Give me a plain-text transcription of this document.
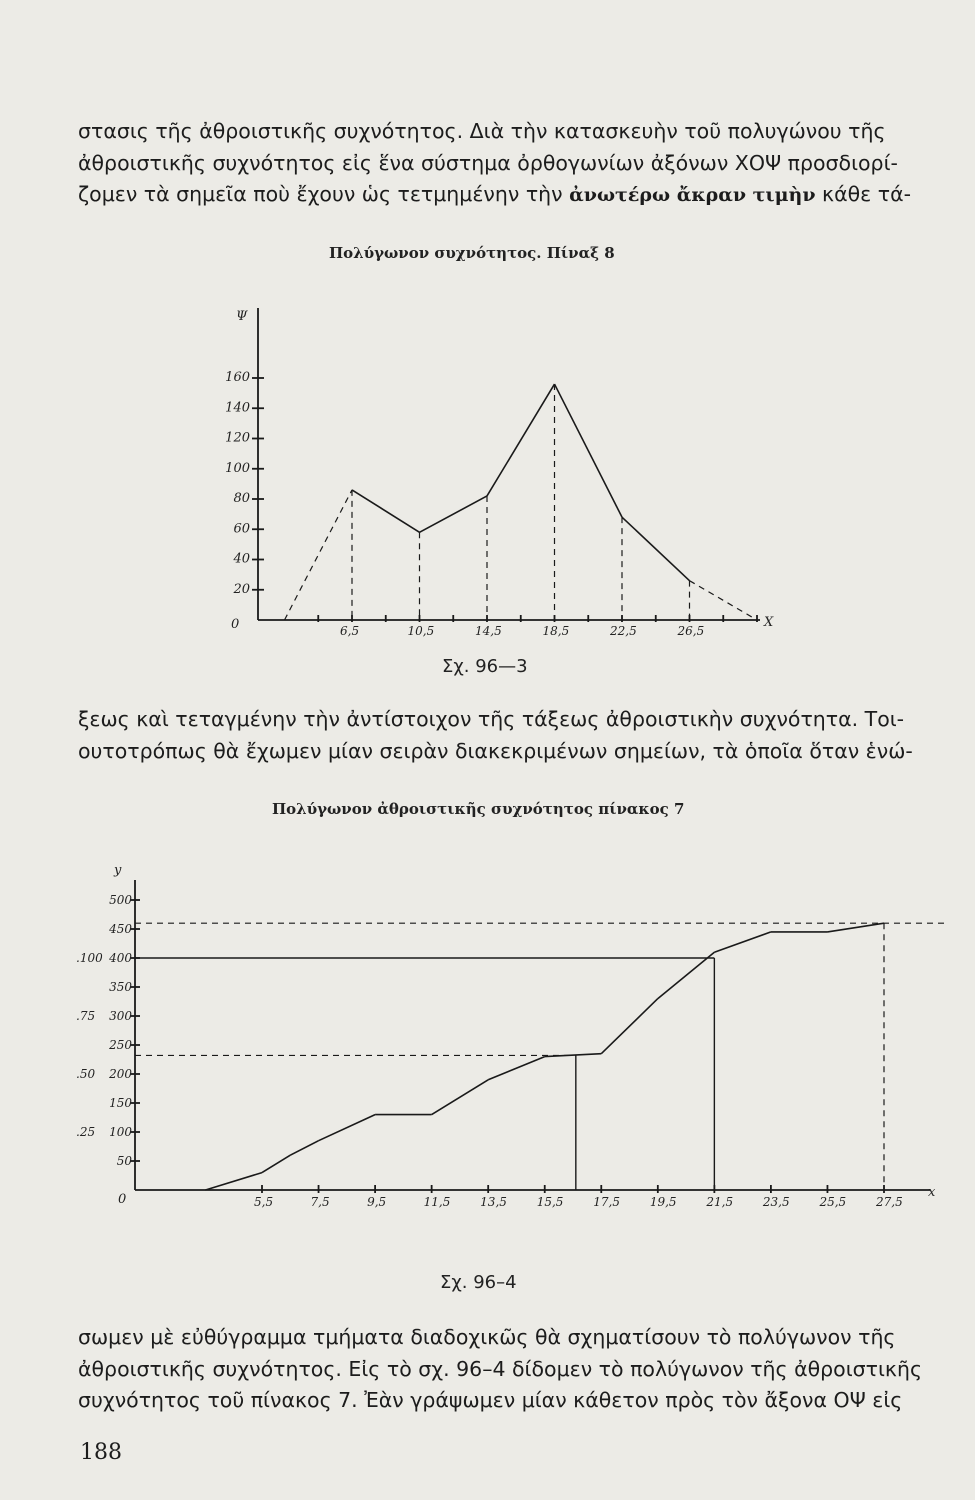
στασις τῆς ἀθροιστικῆς συχνότητος. Διὰ τὴν κατασκευὴν τοῦ πολυγώνου τῆς
ἀθροιστικῆς συχνότητος εἰς ἕνα σύστημα ὀρθογωνίων ἀξόνων ΧΟΨ προσδιορί-
ζομεν τὰ σημεῖα ποὺ ἔχουν ὡς τετμημένην τὴν ἀνωτέρω ἄκραν τιμὴν κάθε τά-
Πολύγωνον συχνότητος. Πίναξ 8
Ψ
Χ
0
20
40
60
80
100
120
140
160
6,5	10,5	14,5	18,5	22,5	26,5
Σχ. 96—3
ξεως καὶ τεταγμένην τὴν ἀντίστοιχον τῆς τάξεως ἀθροιστικὴν συχνότητα. Τοι-
ουτοτρόπως θὰ ἔχωμεν μίαν σειρὰν διακεκριμένων σημείων, τὰ ὁποῖα ὅταν ἑνώ-
Πολύγωνον ἀθροιστικῆς συχνότητος πίνακος 7
y
x
0
50
100
150
200
250
300
350
400
450
500
.25
.50
.75
.100
5,5	7,5	9,5	11,5 13,5 15,5 17,5 19,5 21,5 23,5 25,5 27,5
Σχ. 96–4
σωμεν μὲ εὐθύγραμμα τμήματα διαδοχικῶς θὰ σχηματίσουν τὸ πολύγωνον τῆς
ἀθροιστικῆς συχνότητος. Εἰς τὸ σχ. 96–4 δίδομεν τὸ πολύγωνον τῆς ἀθροιστικῆς
συχνότητος τοῦ πίνακος 7. Ἐὰν γράψωμεν μίαν κάθετον πρὸς τὸν ἄξονα ΟΨ εἰς
188
